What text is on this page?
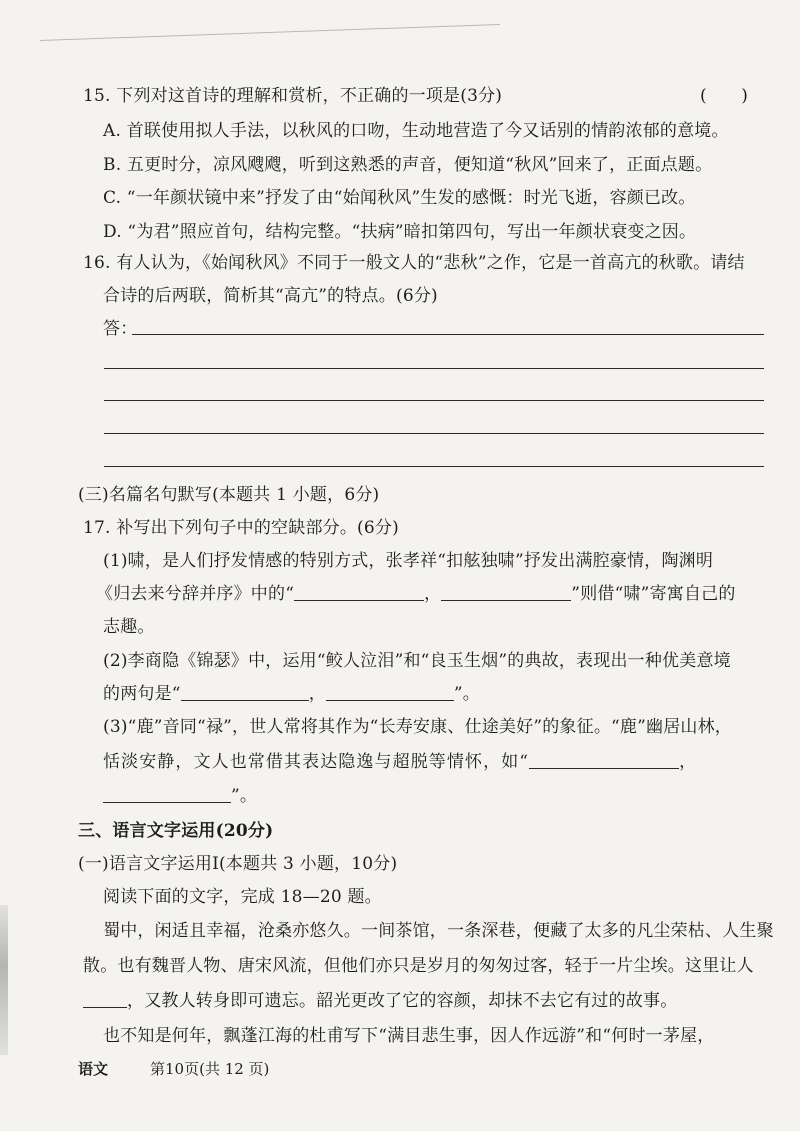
15. 下列对这首诗的理解和赏析，不正确的一项是(3分)	(　　)
A. 首联使用拟人手法，以秋风的口吻，生动地营造了今又话别的情韵浓郁的意境。
B. 五更时分，凉风飕飕，听到这熟悉的声音，便知道“秋风”回来了，正面点题。
C. “一年颜状镜中来”抒发了由“始闻秋风”生发的感慨：时光飞逝，容颜已改。
D. “为君”照应首句，结构完整。“扶病”暗扣第四句，写出一年颜状衰变之因。
16. 有人认为，《始闻秋风》不同于一般文人的“悲秋”之作，它是一首高亢的秋歌。请结
合诗的后两联，简析其“高亢”的特点。(6分)
答：
(三)名篇名句默写(本题共 1 小题，6分)
17. 补写出下列句子中的空缺部分。(6分)
(1)啸，是人们抒发情感的特别方式，张孝祥“扣舷独啸”抒发出满腔豪情，陶渊明
《归去来兮辞并序》中的“	，	”则借“啸”寄寓自己的
志趣。
(2)李商隐《锦瑟》中，运用“鲛人泣泪”和“良玉生烟”的典故，表现出一种优美意境
的两句是“	，	”。
(3)“鹿”音同“禄”，世人常将其作为“长寿安康、仕途美好”的象征。“鹿”幽居山林，
恬淡安静，文人也常借其表达隐逸与超脱等情怀，如“	，
”。
三、语言文字运用(20分)
(一)语言文字运用Ⅰ(本题共 3 小题，10分)
阅读下面的文字，完成 18—20 题。
蜀中，闲适且幸福，沧桑亦悠久。一间茶馆，一条深巷，便藏了太多的凡尘荣枯、人生聚
散。也有魏晋人物、唐宋风流，但他们亦只是岁月的匆匆过客，轻于一片尘埃。这里让人
，又教人转身即可遗忘。韶光更改了它的容颜，却抹不去它有过的故事。
也不知是何年，飘蓬江海的杜甫写下“满目悲生事，因人作远游”和“何时一茅屋，
语文	第10页(共 12 页)
